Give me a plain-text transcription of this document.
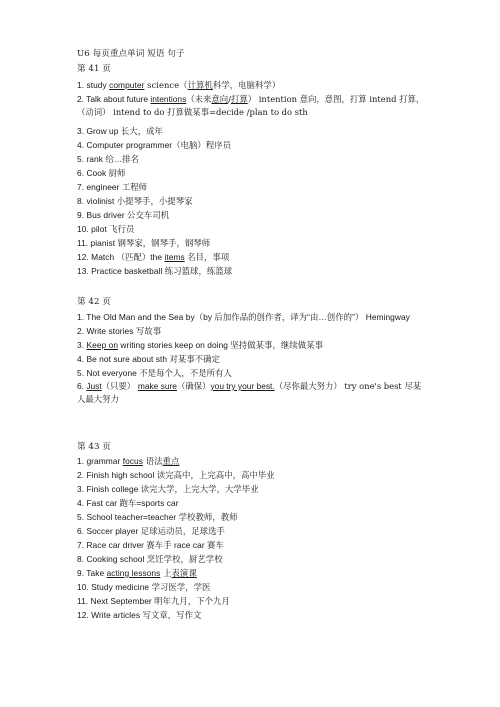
U6 每页重点单词 短语 句子
第 41 页
1. study computer science（计算机科学，电脑科学）
2. Talk about future intentions（未来意向/打算） intention 意向，意图，打算 intend 打算，（动词） intend to do 打算做某事=decide /plan to do sth
3. Grow up 长大，成年
4. Computer programmer（电脑）程序员
5. rank 给…排名
6. Cook 厨师
7. engineer 工程师
8. violinist 小提琴手，小提琴家
9. Bus driver 公交车司机
10. pilot 飞行员
11. pianist 钢琴家，钢琴手，钢琴师
12. Match （匹配）the items 名目，事项
13. Practice basketball 练习篮球，练篮球
第 42 页
1. The Old Man and the Sea by（by 后加作品的创作者，译为“由…创作的”） Hemingway
2. Write stories 写故事
3. Keep on writing stories keep on doing 坚持做某事，继续做某事
4. Be not sure about sth 对某事不确定
5. Not everyone 不是每个人，不是所有人
6. Just（只要） make sure（确保）you try your best.（尽你最大努力） try one's best 尽某人最大努力
第 43 页
1. grammar focus 语法重点
2. Finish high school 读完高中，上完高中，高中毕业
3. Finish college 读完大学，上完大学，大学毕业
4. Fast car 跑车=sports car
5. School teacher=teacher 学校教师，教师
6. Soccer player 足球运动员，足球选手
7. Race car driver 赛车手 race car 赛车
8. Cooking school 烹饪学校，厨艺学校
9. Take acting lessons 上表演课
10. Study medicine 学习医学，学医
11. Next September 明年九月，下个九月
12. Write articles 写文章，写作文
